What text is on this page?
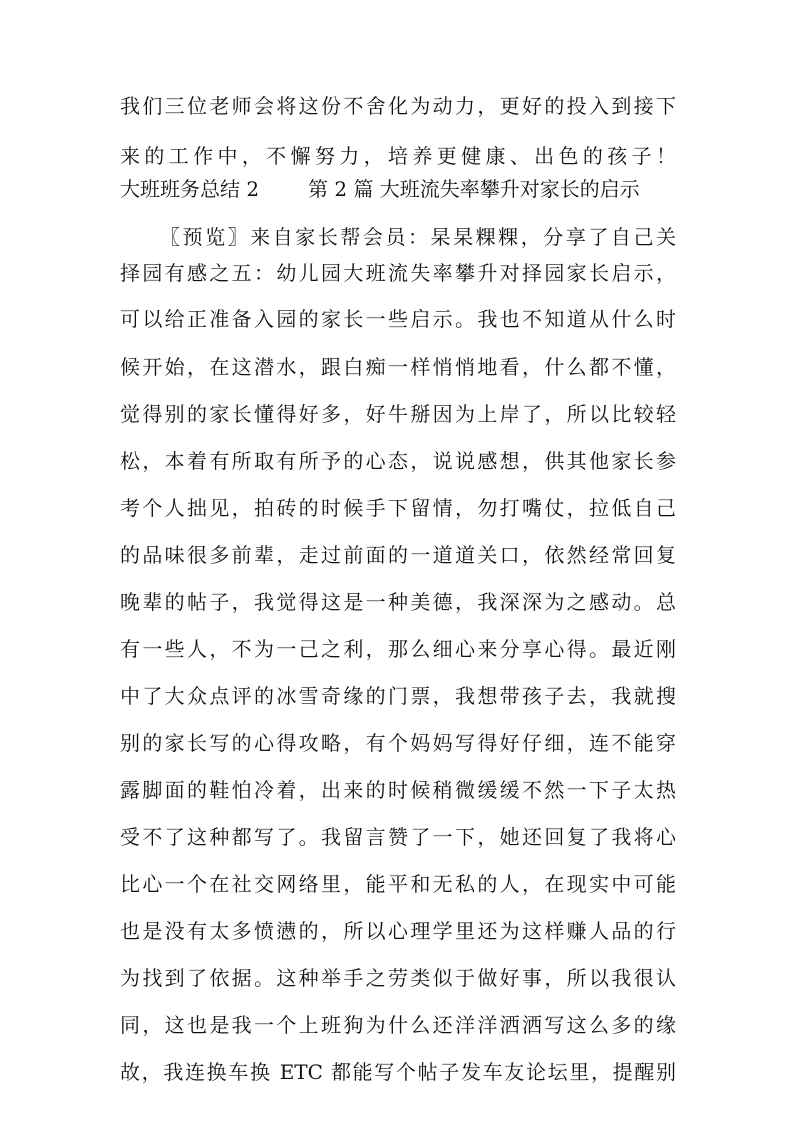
我们三位老师会将这份不舍化为动力，更好的投入到接下
来的工作中，不懈努力，培养更健康、出色的孩子！
大班班务总结 2 第 2 篇 大班流失率攀升对家长的启示
〖预览〗来自家长帮会员：杲杲粿粿，分享了自己关
择园有感之五：幼儿园大班流失率攀升对择园家长启示，
可以给正准备入园的家长一些启示。我也不知道从什么时
候开始，在这潜水，跟白痴一样悄悄地看，什么都不懂，
觉得别的家长懂得好多，好牛掰因为上岸了，所以比较轻
松，本着有所取有所予的心态，说说感想，供其他家长参
考个人拙见，拍砖的时候手下留情，勿打嘴仗，拉低自己
的品味很多前辈，走过前面的一道道关口，依然经常回复
晚辈的帖子，我觉得这是一种美德，我深深为之感动。总
有一些人，不为一己之利，那么细心来分享心得。最近刚
中了大众点评的冰雪奇缘的门票，我想带孩子去，我就搜
别的家长写的心得攻略，有个妈妈写得好仔细，连不能穿
露脚面的鞋怕冷着，出来的时候稍微缓缓不然一下子太热
受不了这种都写了。我留言赞了一下，她还回复了我将心
比心一个在社交网络里，能平和无私的人，在现实中可能
也是没有太多愤懑的，所以心理学里还为这样赚人品的行
为找到了依据。这种举手之劳类似于做好事，所以我很认
同，这也是我一个上班狗为什么还洋洋洒洒写这么多的缘
故，我连换车换 ETC 都能写个帖子发车友论坛里，提醒别
